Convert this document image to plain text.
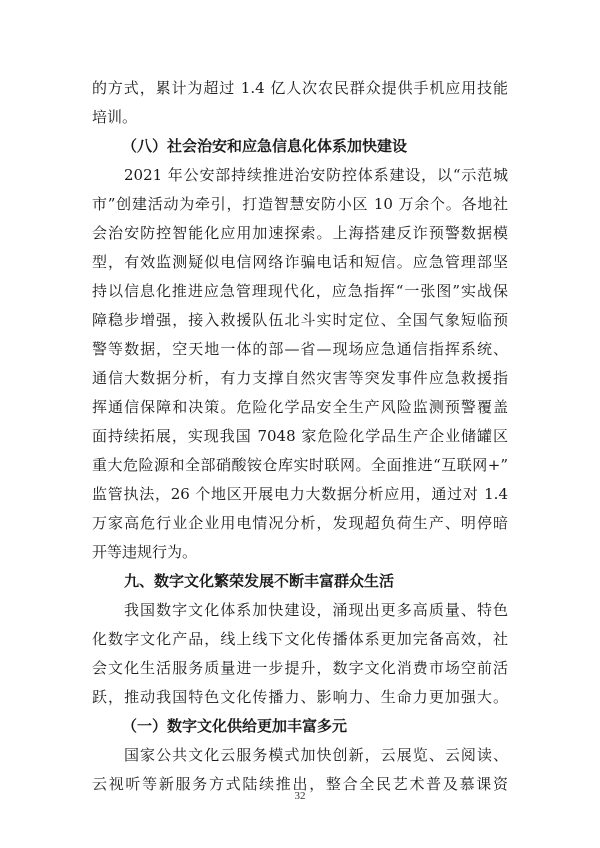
的方式，累计为超过 1.4 亿人次农民群众提供手机应用技能
培训。
（八）社会治安和应急信息化体系加快建设
2021 年公安部持续推进治安防控体系建设，以“示范城
市”创建活动为牵引，打造智慧安防小区 10 万余个。各地社
会治安防控智能化应用加速探索。上海搭建反诈预警数据模
型，有效监测疑似电信网络诈骗电话和短信。应急管理部坚
持以信息化推进应急管理现代化，应急指挥“一张图”实战保
障稳步增强，接入救援队伍北斗实时定位、全国气象短临预
警等数据，空天地一体的部—省—现场应急通信指挥系统、
通信大数据分析，有力支撑自然灾害等突发事件应急救援指
挥通信保障和决策。危险化学品安全生产风险监测预警覆盖
面持续拓展，实现我国 7048 家危险化学品生产企业储罐区
重大危险源和全部硝酸铵仓库实时联网。全面推进“互联网+”
监管执法，26 个地区开展电力大数据分析应用，通过对 1.4
万家高危行业企业用电情况分析，发现超负荷生产、明停暗
开等违规行为。
九、数字文化繁荣发展不断丰富群众生活
我国数字文化体系加快建设，涌现出更多高质量、特色
化数字文化产品，线上线下文化传播体系更加完备高效，社
会文化生活服务质量进一步提升，数字文化消费市场空前活
跃，推动我国特色文化传播力、影响力、生命力更加强大。
（一）数字文化供给更加丰富多元
国家公共文化云服务模式加快创新，云展览、云阅读、
云视听等新服务方式陆续推出，整合全民艺术普及慕课资
32
